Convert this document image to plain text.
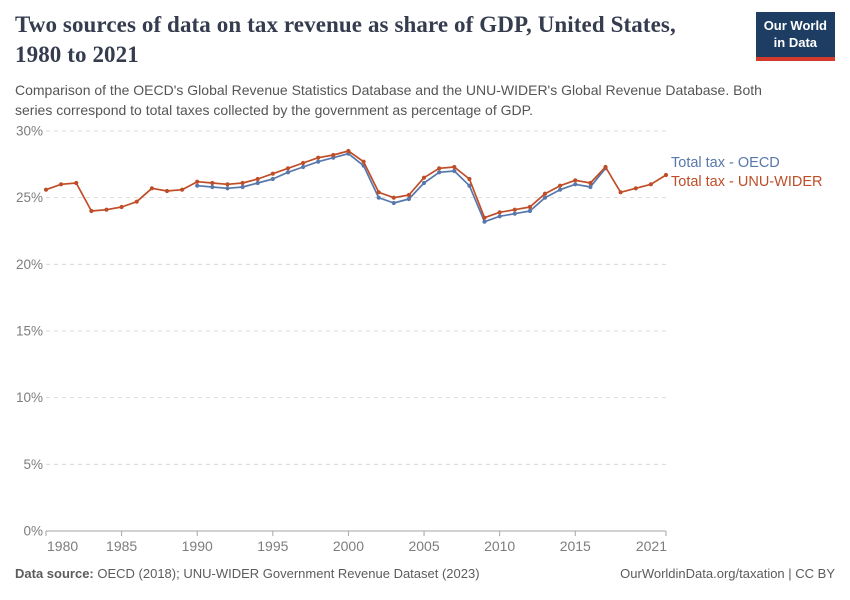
0%
5%
10%
15%
20%
25%
30%
1980 1985	1990	1995	2000	2005	2010	2015	2021
Total tax - OECD
Total tax - UNU-WIDER
Two sources of data on tax revenue as share of GDP, United States, 1980 to 2021

Comparison of the OECD's Global Revenue Statistics Database and the UNU-WIDER's Global Revenue Database. Both series correspond to total taxes collected by the government as percentage of GDP.

Our World
in Data
Data source: OECD (2018); UNU-WIDER Government Revenue Dataset (2023)	OurWorldinData.org/taxation | CC BY
